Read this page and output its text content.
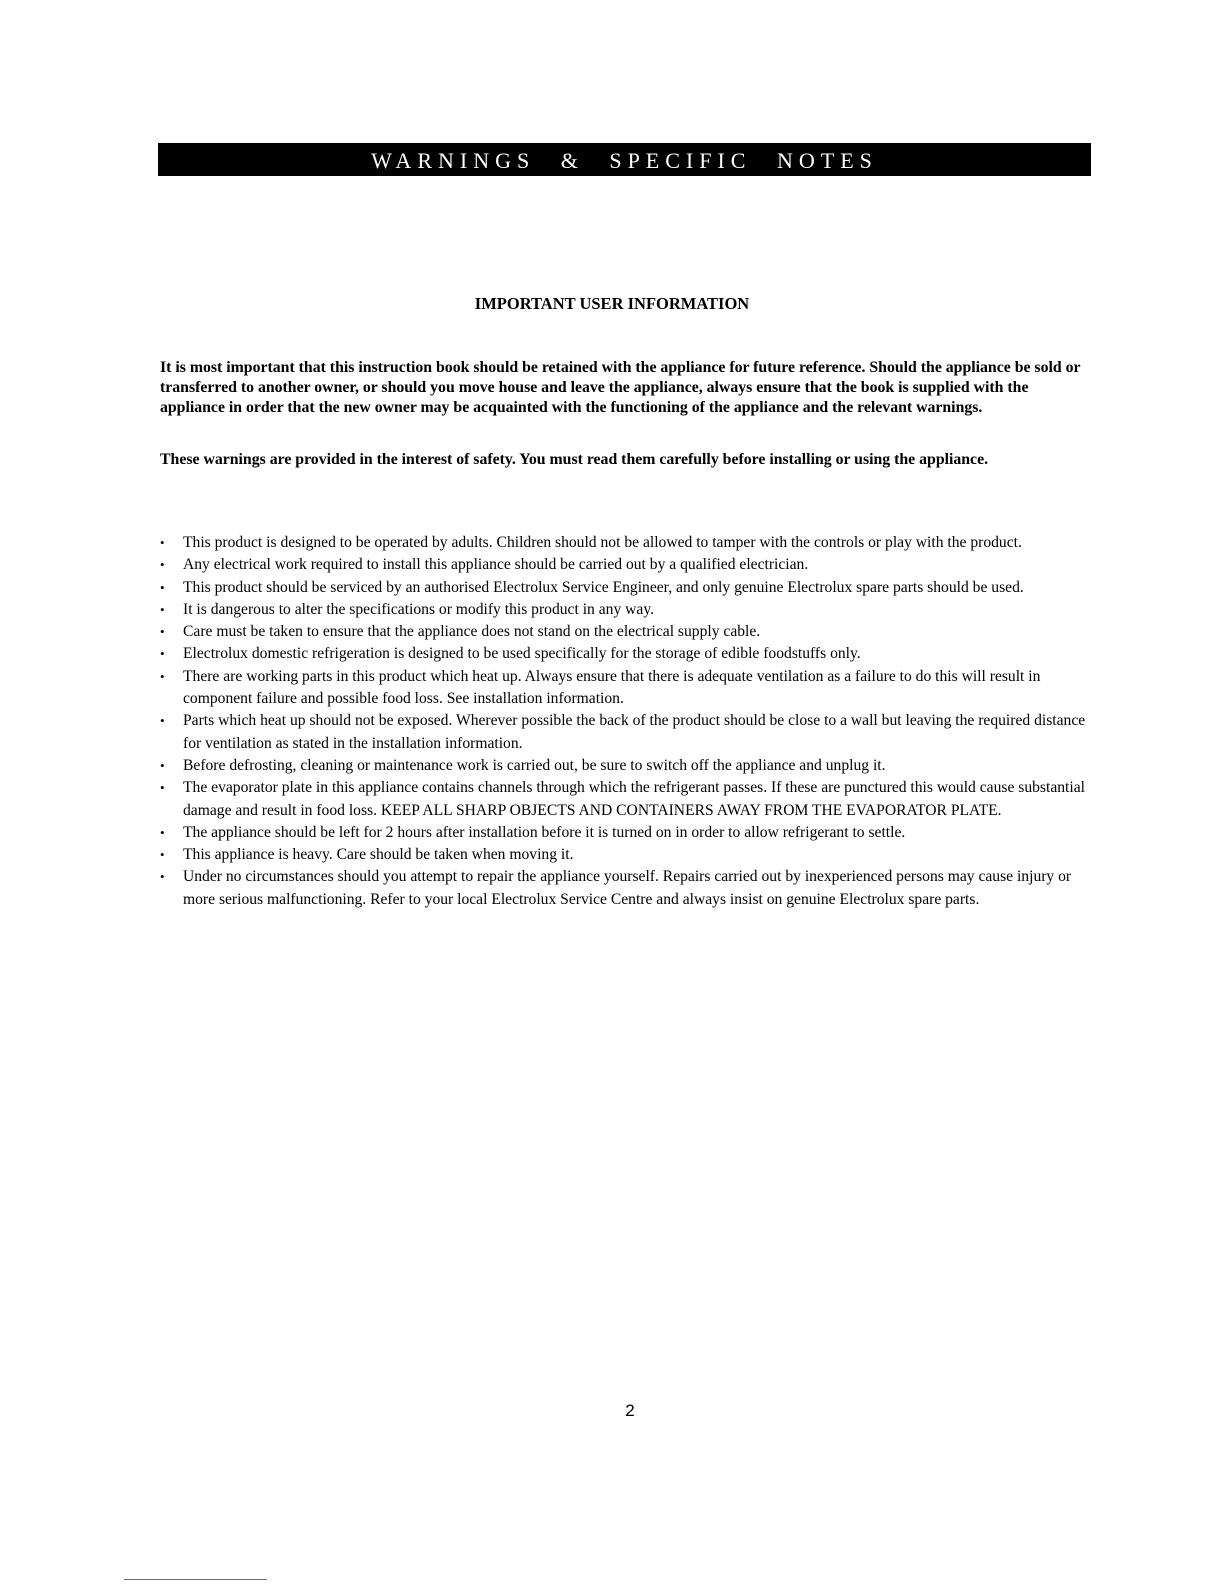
WARNINGS & SPECIFIC NOTES
IMPORTANT USER INFORMATION

It is most important that this instruction book should be retained with the appliance for future reference. Should the appliance be sold or transferred to another owner, or should you move house and leave the appliance, always ensure that the book is supplied with the appliance in order that the new owner may be acquainted with the functioning of the appliance and the relevant warnings.

These warnings are provided in the interest of safety. You must read them carefully before installing or using the appliance.

• This product is designed to be operated by adults. Children should not be allowed to tamper with the controls or play with the product.
• Any electrical work required to install this appliance should be carried out by a qualified electrician.
• This product should be serviced by an authorised Electrolux Service Engineer, and only genuine Electrolux spare parts should be used.
• It is dangerous to alter the specifications or modify this product in any way.
• Care must be taken to ensure that the appliance does not stand on the electrical supply cable.
• Electrolux domestic refrigeration is designed to be used specifically for the storage of edible foodstuffs only.
• There are working parts in this product which heat up. Always ensure that there is adequate ventilation as a failure to do this will result in component failure and possible food loss. See installation information.
• Parts which heat up should not be exposed. Wherever possible the back of the product should be close to a wall but leaving the required distance for ventilation as stated in the installation information.
• Before defrosting, cleaning or maintenance work is carried out, be sure to switch off the appliance and unplug it.
• The evaporator plate in this appliance contains channels through which the refrigerant passes. If these are punctured this would cause substantial damage and result in food loss. KEEP ALL SHARP OBJECTS AND CONTAINERS AWAY FROM THE EVAPORATOR PLATE.
• The appliance should be left for 2 hours after installation before it is turned on in order to allow refrigerant to settle.
• This appliance is heavy. Care should be taken when moving it.
• Under no circumstances should you attempt to repair the appliance yourself. Repairs carried out by inexperienced persons may cause injury or more serious malfunctioning. Refer to your local Electrolux Service Centre and always insist on genuine Electrolux spare parts.
2
